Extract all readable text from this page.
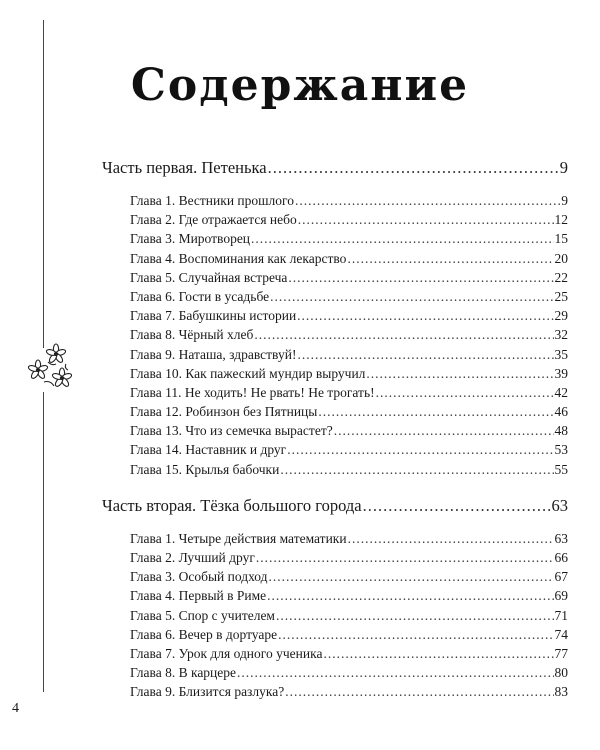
Содержание
Часть первая. Петенька .....	9
Глава 1. Вестники прошлого .....	9
Глава 2. Где отражается небо .....	12
Глава 3. Миротворец .....	15
Глава 4. Воспоминания как лекарство .....	20
Глава 5. Случайная встреча .....	22
Глава 6. Гости в усадьбе .....	25
Глава 7. Бабушкины истории .....	29
Глава 8. Чёрный хлеб .....	32
Глава 9. Наташа, здравствуй! .....	35
Глава 10. Как пажеский мундир выручил .....	39
Глава 11. Не ходить! Не рвать! Не трогать! .....	42
Глава 12. Робинзон без Пятницы .....	46
Глава 13. Что из семечка вырастет? .....	48
Глава 14. Наставник и друг .....	53
Глава 15. Крылья бабочки .....	55
Часть вторая. Тёзка большого города .....	63
Глава 1. Четыре действия математики .....	63
Глава 2. Лучший друг .....	66
Глава 3. Особый подход .....	67
Глава 4. Первый в Риме .....	69
Глава 5. Спор с учителем .....	71
Глава 6. Вечер в дортуаре .....	74
Глава 7. Урок для одного ученика .....	77
Глава 8. В карцере .....	80
Глава 9. Близится разлука? .....	83
4
